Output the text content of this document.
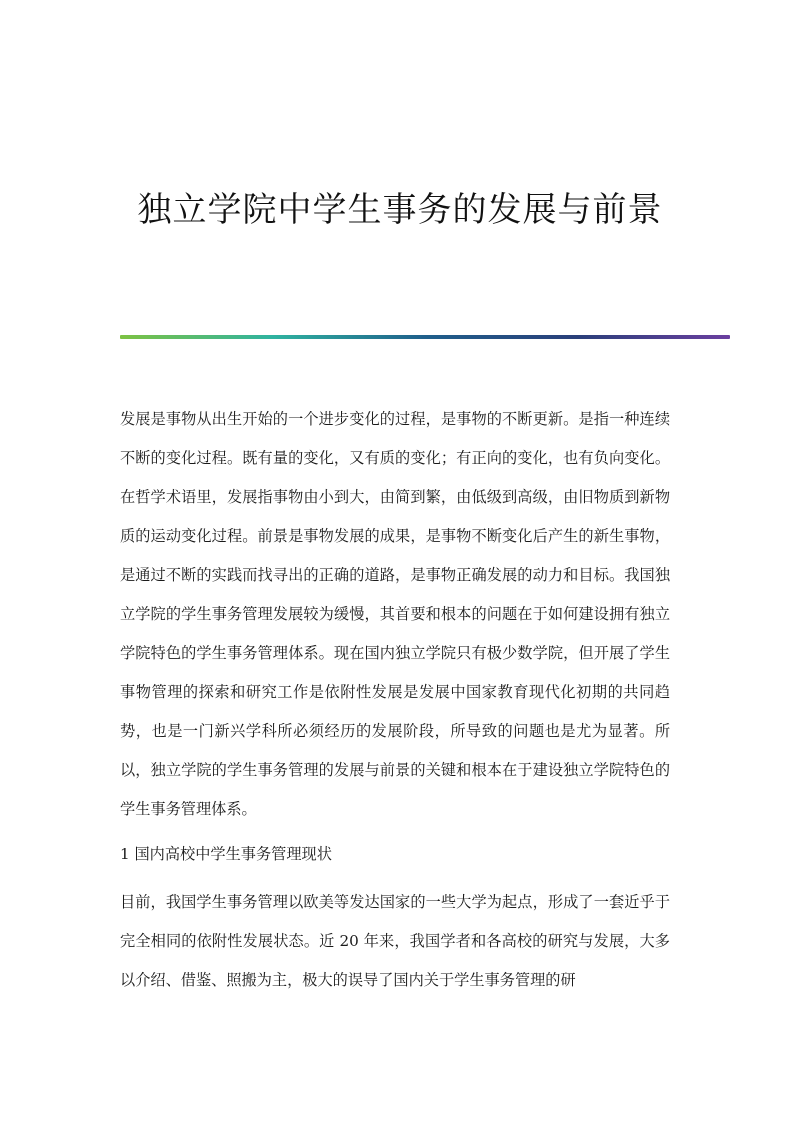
独立学院中学生事务的发展与前景

发展是事物从出生开始的一个进步变化的过程，是事物的不断更新。是指一种连续不断的变化过程。既有量的变化，又有质的变化；有正向的变化，也有负向变化。在哲学术语里，发展指事物由小到大，由简到繁，由低级到高级，由旧物质到新物质的运动变化过程。前景是事物发展的成果，是事物不断变化后产生的新生事物，是通过不断的实践而找寻出的正确的道路，是事物正确发展的动力和目标。我国独立学院的学生事务管理发展较为缓慢，其首要和根本的问题在于如何建设拥有独立学院特色的学生事务管理体系。现在国内独立学院只有极少数学院，但开展了学生事物管理的探索和研究工作是依附性发展是发展中国家教育现代化初期的共同趋势，也是一门新兴学科所必须经历的发展阶段，所导致的问题也是尤为显著。所以，独立学院的学生事务管理的发展与前景的关键和根本在于建设独立学院特色的学生事务管理体系。

1 国内高校中学生事务管理现状

目前，我国学生事务管理以欧美等发达国家的一些大学为起点，形成了一套近乎于完全相同的依附性发展状态。近 20 年来，我国学者和各高校的研究与发展，大多以介绍、借鉴、照搬为主，极大的误导了国内关于学生事务管理的研
